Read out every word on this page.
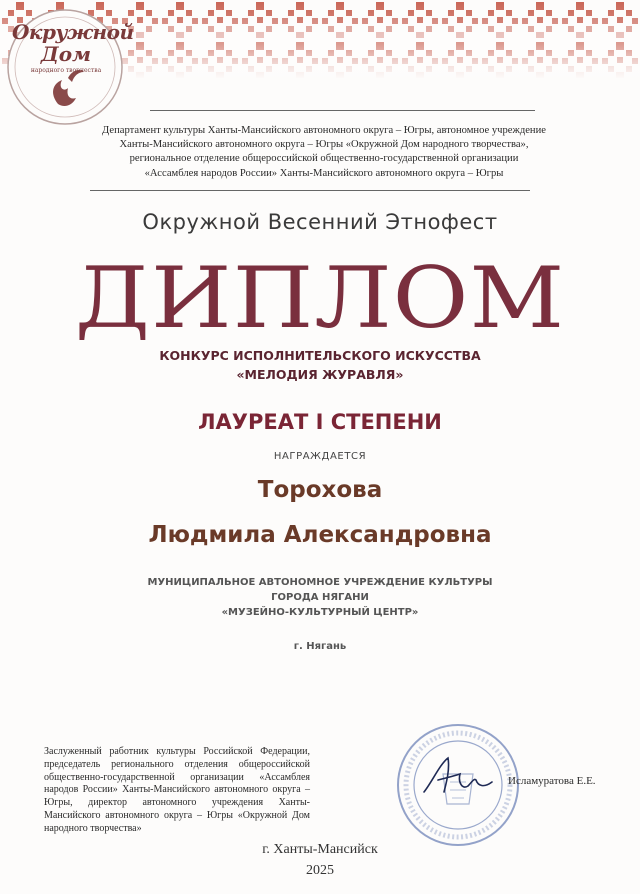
Окружной
Дом
народного творчества
Департамент культуры Ханты-Мансийского автономного округа – Югры, автономное учреждение
Ханты-Мансийского автономного округа – Югры «Окружной Дом народного творчества»,
региональное отделение общероссийской общественно-государственной организации
«Ассамблея народов России» Ханты-Мансийского автономного округа – Югры
Окружной Весенний Этнофест
ДИПЛОМ
КОНКУРС ИСПОЛНИТЕЛЬСКОГО ИСКУССТВА
«МЕЛОДИЯ ЖУРАВЛЯ»
ЛАУРЕАТ I СТЕПЕНИ
НАГРАЖДАЕТСЯ
Торохова
Людмила Александровна
МУНИЦИПАЛЬНОЕ АВТОНОМНОЕ УЧРЕЖДЕНИЕ КУЛЬТУРЫ
ГОРОДА НЯГАНИ
«МУЗЕЙНО-КУЛЬТУРНЫЙ ЦЕНТР»
г. Нягань
Заслуженный работник культуры Российской Федерации, председатель регионального отделения общероссийской общественно-государственной организации «Ассамблея народов России» Ханты-Мансийского автономного округа – Югры, директор автономного учреждения Ханты-Мансийского автономного округа – Югры «Окружной Дом народного творчества»
Исламуратова Е.Е.
г. Ханты-Мансийск
2025
